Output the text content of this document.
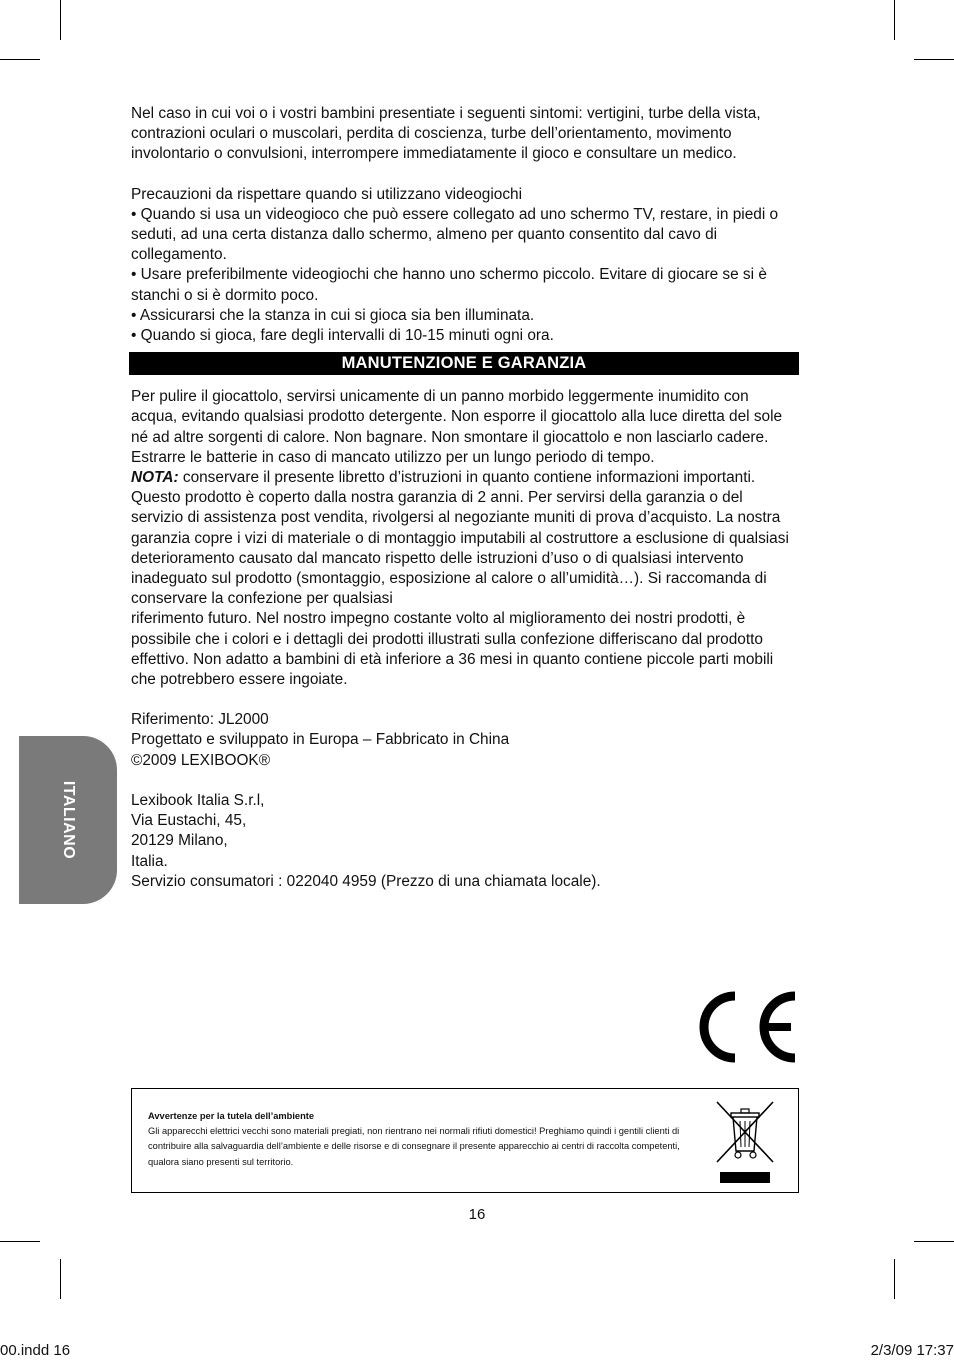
Nel caso in cui voi o i vostri bambini presentiate i seguenti sintomi: vertigini, turbe della vista, contrazioni oculari o muscolari, perdita di coscienza, turbe dell’orientamento, movimento involontario o convulsioni, interrompere immediatamente il gioco e consultare un medico.

Precauzioni da rispettare quando si utilizzano videogiochi

• Quando si usa un videogioco che può essere collegato ad uno schermo TV, restare, in piedi o seduti, ad una certa distanza dallo schermo, almeno per quanto consentito dal cavo di collegamento.

• Usare preferibilmente videogiochi che hanno uno schermo piccolo. Evitare di giocare se si è stanchi o si è dormito poco.

• Assicurarsi che la stanza in cui si gioca sia ben illuminata.

• Quando si gioca, fare degli intervalli di 10-15 minuti ogni ora.

MANUTENZIONE E GARANZIA

Per pulire il giocattolo, servirsi unicamente di un panno morbido leggermente inumidito con acqua, evitando qualsiasi prodotto detergente. Non esporre il giocattolo alla luce diretta del sole né ad altre sorgenti di calore. Non bagnare. Non smontare il giocattolo e non lasciarlo cadere. Estrarre le batterie in caso di mancato utilizzo per un lungo periodo di tempo.

NOTA: conservare il presente libretto d’istruzioni in quanto contiene informazioni importanti.

Questo prodotto è coperto dalla nostra garanzia di 2 anni. Per servirsi della garanzia o del servizio di assistenza post vendita, rivolgersi al negoziante muniti di prova d’acquisto. La nostra garanzia copre i vizi di materiale o di montaggio imputabili al costruttore a esclusione di qualsiasi deterioramento causato dal mancato rispetto delle istruzioni d’uso o di qualsiasi intervento inadeguato sul prodotto (smontaggio, esposizione al calore o all’umidità…). Si raccomanda di conservare la confezione per qualsiasi

riferimento futuro. Nel nostro impegno costante volto al miglioramento dei nostri prodotti, è possibile che i colori e i dettagli dei prodotti illustrati sulla confezione differiscano dal prodotto effettivo. Non adatto a bambini di età inferiore a 36 mesi in quanto contiene piccole parti mobili che potrebbero essere ingoiate.

Riferimento: JL2000

Progettato e sviluppato in Europa – Fabbricato in China

©2009 LEXIBOOK®

Lexibook Italia S.r.l,

Via Eustachi, 45,

20129 Milano,

Italia.

Servizio consumatori : 022040 4959 (Prezzo di una chiamata locale).

ITALIANO
Avvertenze per la tutela dell’ambiente
Gli apparecchi elettrici vecchi sono materiali pregiati, non rientrano nei normali rifiuti domestici! Preghiamo quindi i gentili clienti di contribuire alla salvaguardia dell’ambiente e delle risorse e di consegnare il presente apparecchio ai centri di raccolta competenti, qualora siano presenti sul territorio.
16
00.indd 16	2/3/09 17:37
